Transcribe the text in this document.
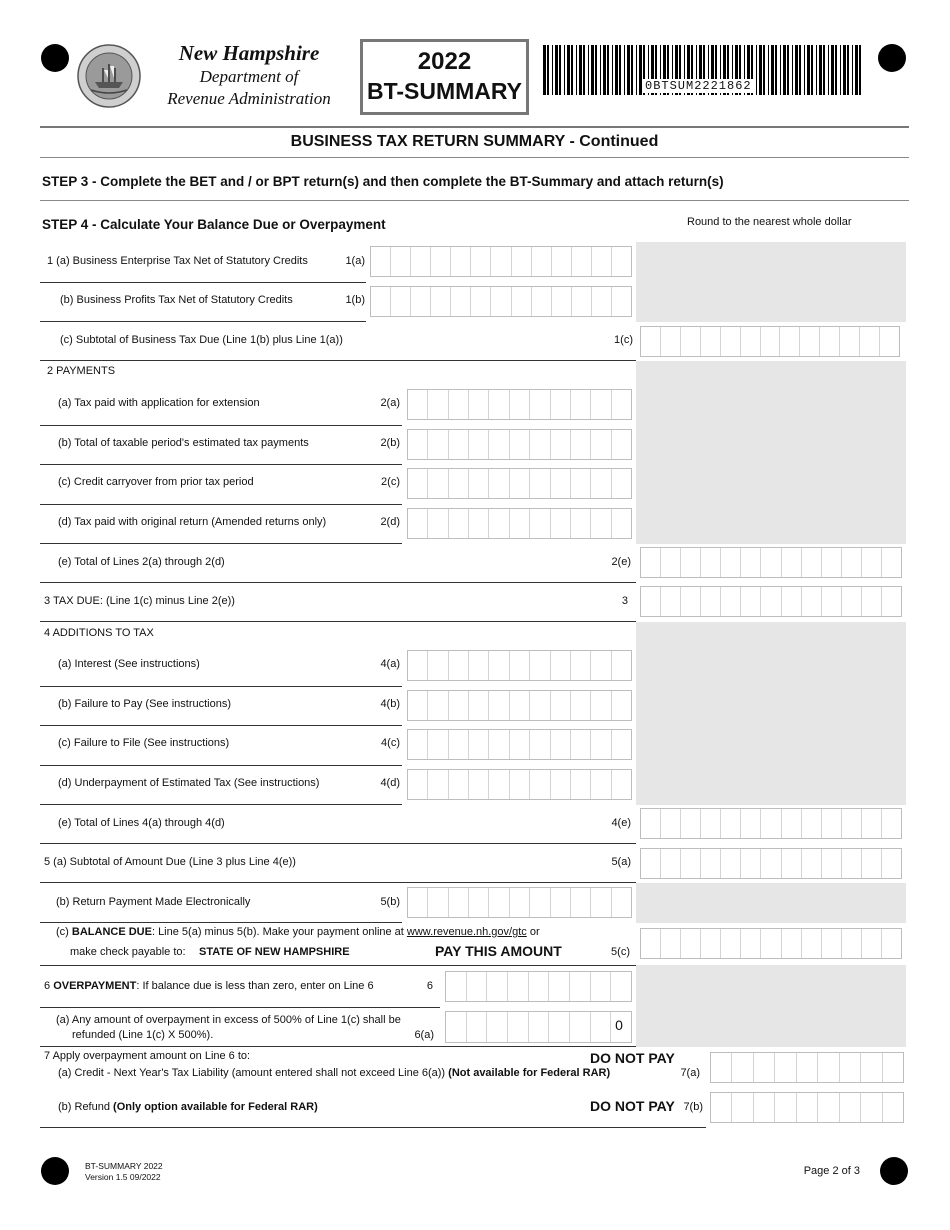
New Hampshire
Department of
Revenue Administration
2022
BT-SUMMARY	0BTSUM2221862
BUSINESS TAX RETURN SUMMARY - Continued
STEP 3 - Complete the BET and / or BPT return(s) and then complete the BT-Summary and attach return(s)
STEP 4 - Calculate Your Balance Due or Overpayment	Round to the nearest whole dollar
1 (a) Business Enterprise Tax Net of Statutory Credits	1(a)
(b) Business Profits Tax Net of Statutory Credits	1(b)
(c) Subtotal of Business Tax Due (Line 1(b) plus Line 1(a))	1(c)
2 PAYMENTS
(a) Tax paid with application for extension	2(a)
(b) Total of taxable period's estimated tax payments	2(b)
(c) Credit carryover from prior tax period	2(c)
(d) Tax paid with original return (Amended returns only)	2(d)
(e) Total of Lines 2(a) through 2(d)	2(e)
3 TAX DUE: (Line 1(c) minus Line 2(e))	3
4 ADDITIONS TO TAX
(a) Interest (See instructions)	4(a)
(b) Failure to Pay (See instructions)	4(b)
(c) Failure to File (See instructions)	4(c)
(d) Underpayment of Estimated Tax (See instructions)	4(d)
(e) Total of Lines 4(a) through 4(d)	4(e)
5 (a) Subtotal of Amount Due (Line 3 plus Line 4(e))	5(a)
(b) Return Payment Made Electronically	5(b)
(c) BALANCE DUE: Line 5(a) minus 5(b). Make your payment online at www.revenue.nh.gov/gtc or
make check payable to: STATE OF NEW HAMPSHIRE	PAY THIS AMOUNT	5(c)
6 OVERPAYMENT: If balance due is less than zero, enter on Line 6	6
(a) Any amount of overpayment in excess of 500% of Line 1(c) shall be
refunded (Line 1(c) X 500%).	6(a)
0
7 Apply overpayment amount on Line 6 to:	DO NOT PAY
(a) Credit - Next Year's Tax Liability (amount entered shall not exceed Line 6(a)) (Not available for Federal RAR)	7(a)
(b) Refund (Only option available for Federal RAR)	DO NOT PAY 7(b)
BT-SUMMARY 2022
Version 1.5 09/2022	Page 2 of 3
